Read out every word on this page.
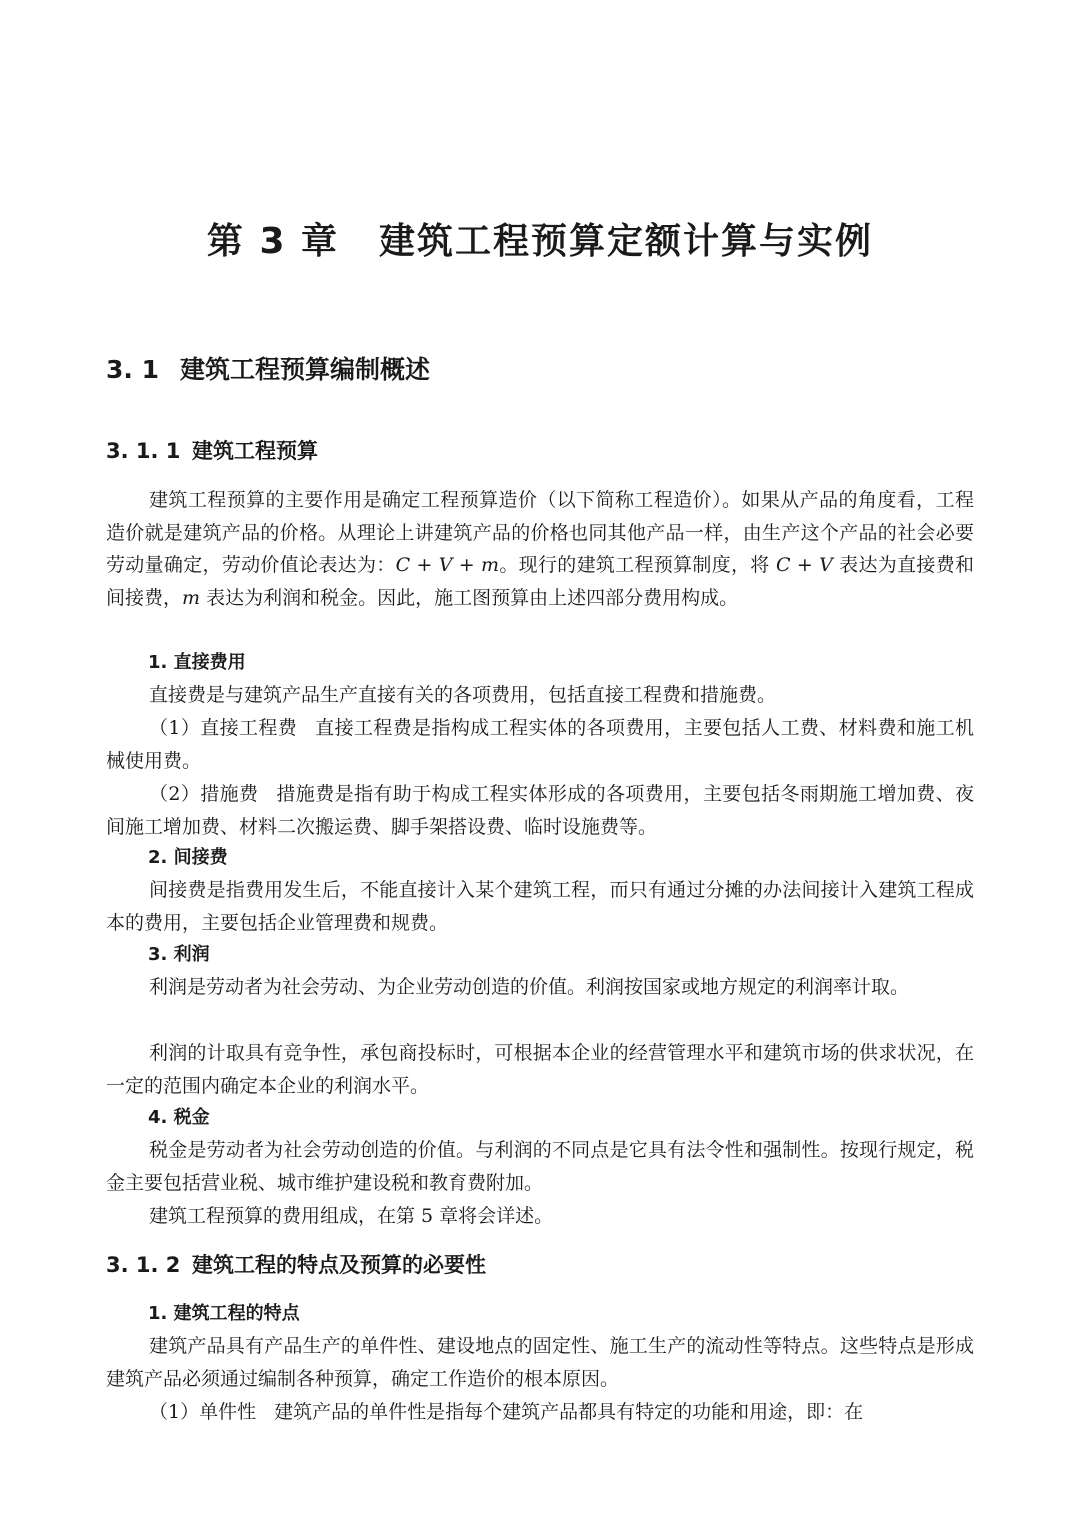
第 3 章 建筑工程预算定额计算与实例
3. 1 建筑工程预算编制概述
3. 1. 1 建筑工程预算

建筑工程预算的主要作用是确定工程预算造价（以下简称工程造价）。如果从产品的角度看，工程造价就是建筑产品的价格。从理论上讲建筑产品的价格也同其他产品一样，由生产这个产品的社会必要劳动量确定，劳动价值论表达为：C + V + m。现行的建筑工程预算制度，将 C + V 表达为直接费和间接费，m 表达为利润和税金。因此，施工图预算由上述四部分费用构成。

1. 直接费用

直接费是与建筑产品生产直接有关的各项费用，包括直接工程费和措施费。

（1）直接工程费 直接工程费是指构成工程实体的各项费用，主要包括人工费、材料费和施工机械使用费。

（2）措施费 措施费是指有助于构成工程实体形成的各项费用，主要包括冬雨期施工增加费、夜间施工增加费、材料二次搬运费、脚手架搭设费、临时设施费等。

2. 间接费

间接费是指费用发生后，不能直接计入某个建筑工程，而只有通过分摊的办法间接计入建筑工程成本的费用，主要包括企业管理费和规费。

3. 利润

利润是劳动者为社会劳动、为企业劳动创造的价值。利润按国家或地方规定的利润率计取。

利润的计取具有竞争性，承包商投标时，可根据本企业的经营管理水平和建筑市场的供求状况，在一定的范围内确定本企业的利润水平。

4. 税金

税金是劳动者为社会劳动创造的价值。与利润的不同点是它具有法令性和强制性。按现行规定，税金主要包括营业税、城市维护建设税和教育费附加。

建筑工程预算的费用组成，在第 5 章将会详述。

3. 1. 2 建筑工程的特点及预算的必要性

1. 建筑工程的特点

建筑产品具有产品生产的单件性、建设地点的固定性、施工生产的流动性等特点。这些特点是形成建筑产品必须通过编制各种预算，确定工作造价的根本原因。

（1）单件性 建筑产品的单件性是指每个建筑产品都具有特定的功能和用途，即：在
